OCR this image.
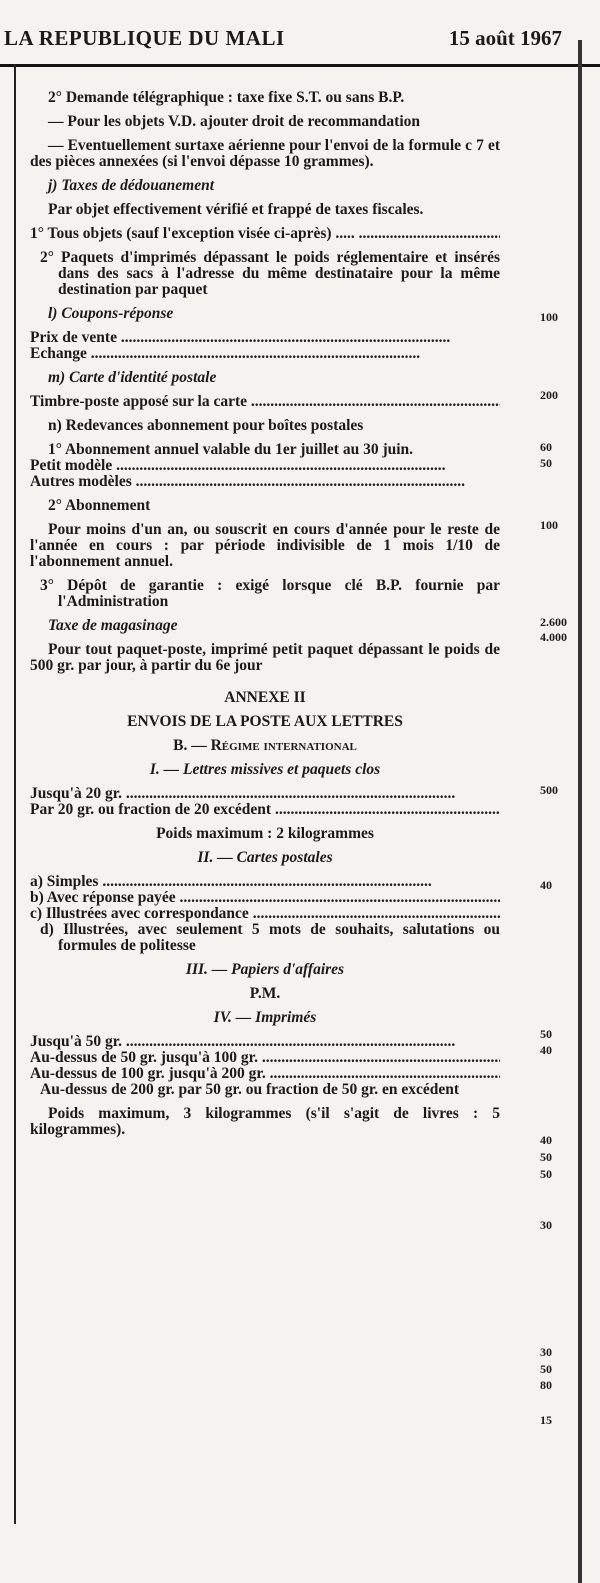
LA REPUBLIQUE DU MALI	15 août 1967

2° Demande télégraphique : taxe fixe S.T. ou sans B.P.

— Pour les objets V.D. ajouter droit de recommandation

— Eventuellement surtaxe aérienne pour l'envoi de la formule c 7 et des pièces annexées (si l'envoi dépasse 10 grammes).

j) Taxes de dédouanement

Par objet effectivement vérifié et frappé de taxes fiscales.

1° Tous objets (sauf l'exception visée ci-après) ..... .....

2° Paquets d'imprimés dépassant le poids réglementaire et insérés dans des sacs à l'adresse du même destinataire pour la même destination par paquet

l) Coupons-réponse

Prix de vente .....

Echange .....

m) Carte d'identité postale

Timbre-poste apposé sur la carte .....

n) Redevances abonnement pour boîtes postales

1° Abonnement annuel valable du 1er juillet au 30 juin.

Petit modèle .....

Autres modèles .....

2° Abonnement

Pour moins d'un an, ou souscrit en cours d'année pour le reste de l'année en cours : par période indivisible de 1 mois 1/10 de l'abonnement annuel.

3° Dépôt de garantie : exigé lorsque clé B.P. fournie par l'Administration

Taxe de magasinage

Pour tout paquet-poste, imprimé petit paquet dépassant le poids de 500 gr. par jour, à partir du 6e jour

ANNEXE II

ENVOIS DE LA POSTE AUX LETTRES

B. — Régime international

I. — Lettres missives et paquets clos

Jusqu'à 20 gr. .....

Par 20 gr. ou fraction de 20 excédent .....

Poids maximum : 2 kilogrammes

II. — Cartes postales

a) Simples .....

b) Avec réponse payée .....

c) Illustrées avec correspondance .....

d) Illustrées, avec seulement 5 mots de souhaits, salutations ou formules de politesse

III. — Papiers d'affaires

P.M.

IV. — Imprimés

Jusqu'à 50 gr. .....

Au-dessus de 50 gr. jusqu'à 100 gr. .....

Au-dessus de 100 gr. jusqu'à 200 gr. .....

Au-dessus de 200 gr. par 50 gr. ou fraction de 50 gr. en excédent

Poids maximum, 3 kilogrammes (s'il s'agit de livres : 5 kilogrammes).

100
200
60
50
100
2.600
4.000
500
40
50
40
40
50
50
30
30
50
80
15
